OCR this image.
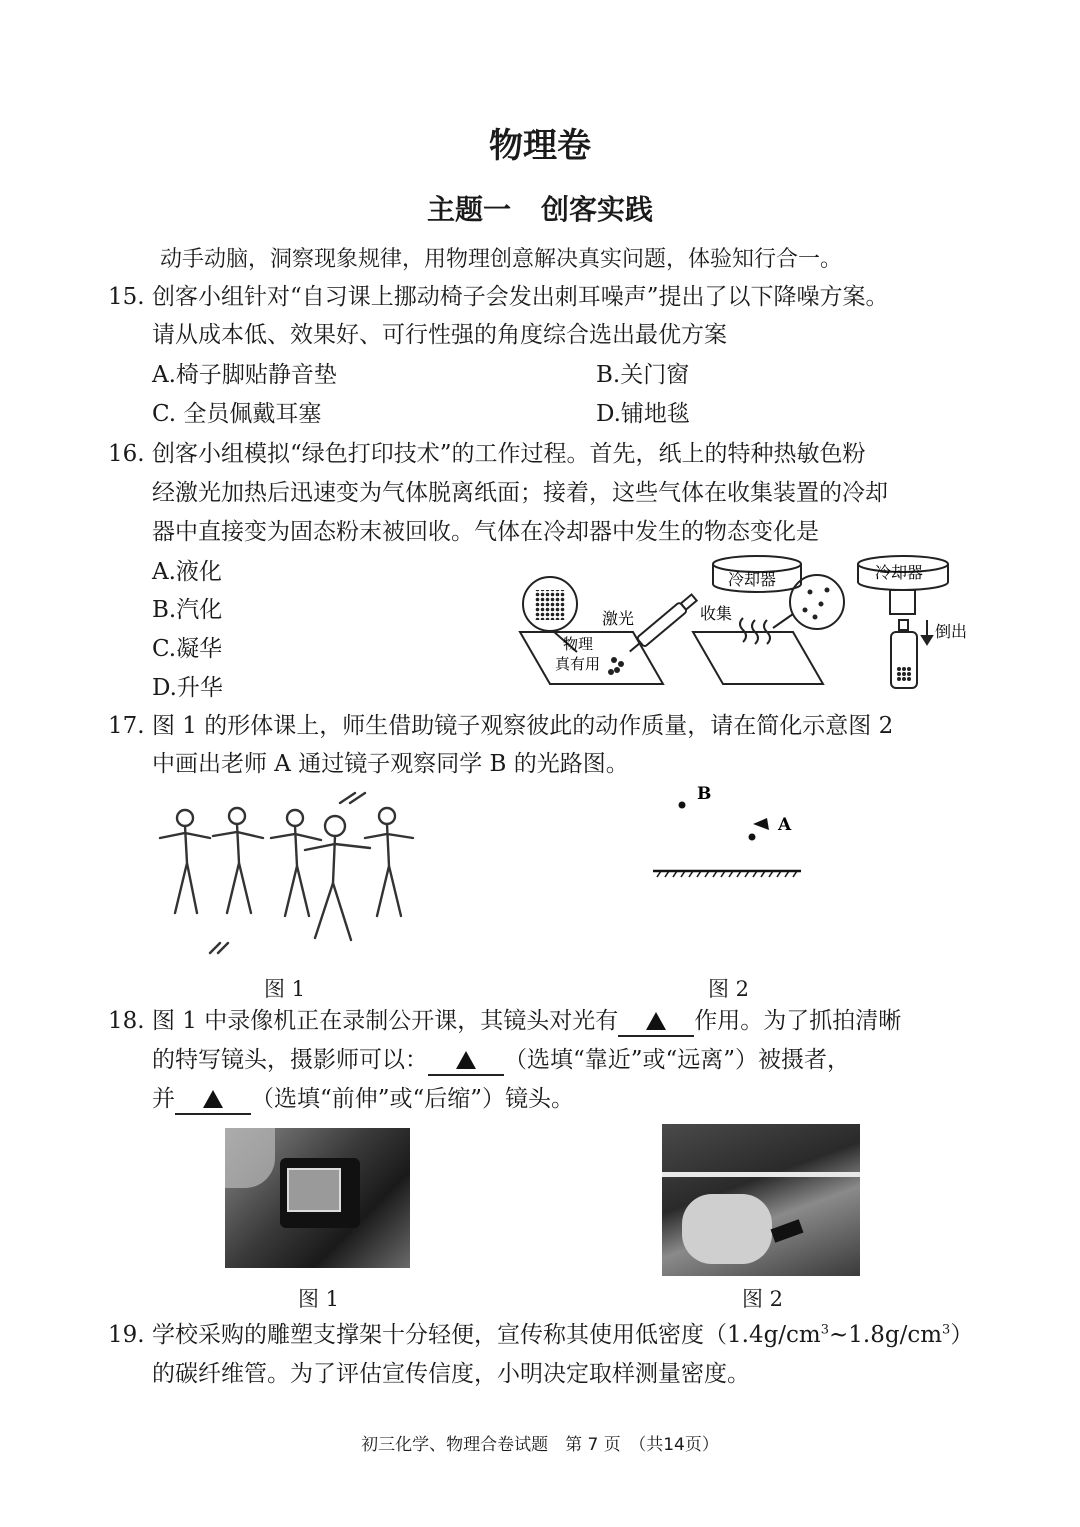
物理卷
主题一 创客实践
动手动脑，洞察现象规律，用物理创意解决真实问题，体验知行合一。
15. 创客小组针对“自习课上挪动椅子会发出刺耳噪声”提出了以下降噪方案。
请从成本低、效果好、可行性强的角度综合选出最优方案
A.椅子脚贴静音垫	B.关门窗
C. 全员佩戴耳塞	D.铺地毯
16. 创客小组模拟“绿色打印技术”的工作过程。首先，纸上的特种热敏色粉
经激光加热后迅速变为气体脱离纸面；接着，这些气体在收集装置的冷却
器中直接变为固态粉末被回收。气体在冷却器中发生的物态变化是
A.液化
B.汽化
C.凝华
D.升华
物理
真有用
激光	收集
冷却器	冷却器
倒出
17. 图 1 的形体课上，师生借助镜子观察彼此的动作质量，请在简化示意图 2
中画出老师 A 通过镜子观察同学 B 的光路图。
图 1
B
A
图 2
18. 图 1 中录像机正在录制公开课，其镜头对光有	作用。为了抓拍清晰
的特写镜头，摄影师可以：	（选填“靠近”或“远离”）被摄者，
并	（选填“前伸”或“后缩”）镜头。
图 1	图 2
19. 学校采购的雕塑支撑架十分轻便，宣传称其使用低密度$(1.4g/cm^3\sim 1.8g/cm^3)$
的碳纤维管。为了评估宣传信度，小明决定取样测量密度。
初三化学、物理合卷试题　第 7 页　（共14页）
